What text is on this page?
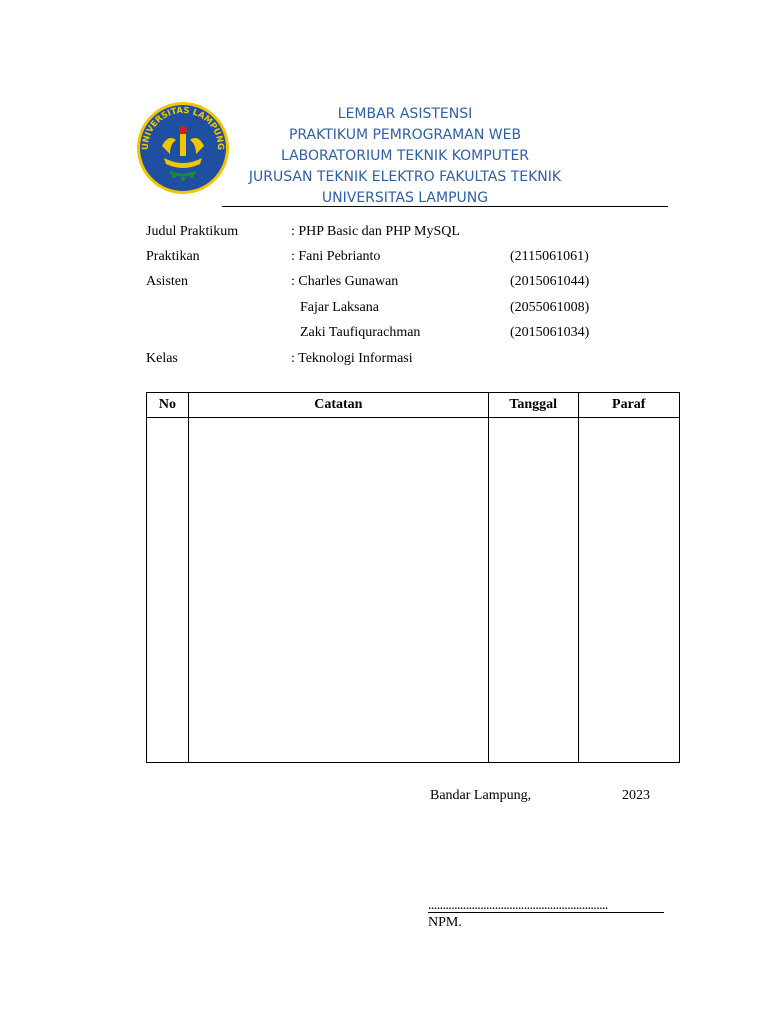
UNIVERSITAS LAMPUNG
LEMBAR ASISTENSI
PRAKTIKUM PEMROGRAMAN WEB
LABORATORIUM TEKNIK KOMPUTER
JURUSAN TEKNIK ELEKTRO FAKULTAS TEKNIK
UNIVERSITAS LAMPUNG
Judul Praktikum	: PHP Basic dan PHP MySQL
Praktikan	: Fani Pebrianto	(2115061061)
Asisten	: Charles Gunawan	(2015061044)
Fajar Laksana	(2055061008)
Zaki Taufiqurachman	(2015061034)
Kelas	: Teknologi Informasi
No	Catatan	Tanggal	Paraf

Bandar Lampung,	2023
..............................................................
NPM.
